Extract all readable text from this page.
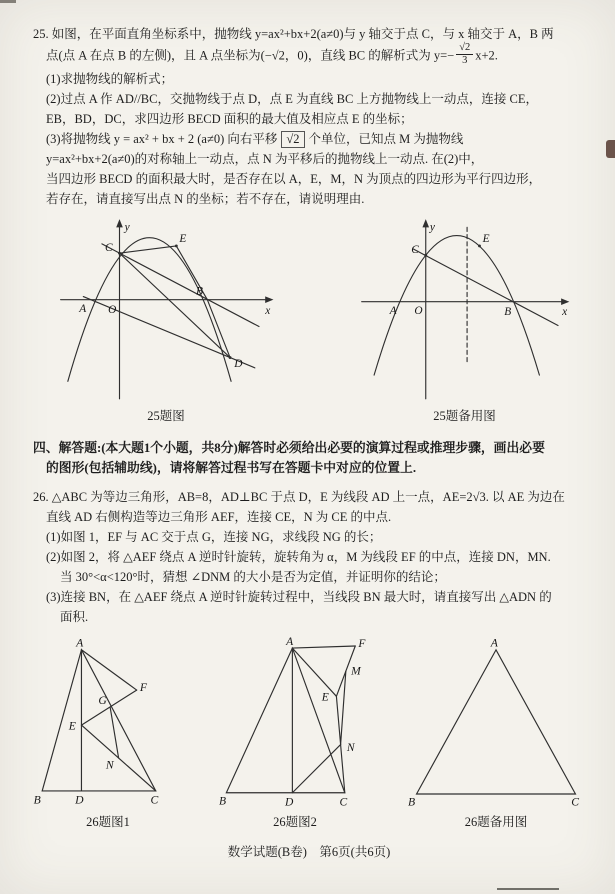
25. 如图，在平面直角坐标系中，抛物线 y=ax²+bx+2(a≠0)与 y 轴交于点 C，与 x 轴交于 A，B 两
点(点 A 在点 B 的左侧)，且 A 点坐标为(−√2，0)，直线 BC 的解析式为 $y=- \frac{√2}{3} x+2$.
(1)求抛物线的解析式；
(2)过点 A 作 AD//BC，交抛物线于点 D，点 E 为直线 BC 上方抛物线上一动点，连接 CE，
EB，BD，DC，求四边形 BECD 面积的最大值及相应点 E 的坐标；
(3)将抛物线 y = ax² + bx + 2 (a≠0) 向右平移 √2 个单位，已知点 M 为抛物线
y=ax²+bx+2(a≠0)的对称轴上一动点，点 N 为平移后的抛物线上一动点. 在(2)中，
当四边形 BECD 的面积最大时，是否存在以 A，E，M，N 为顶点的四边形为平行四边形，
若存在，请直接写出点 N 的坐标；若不存在，请说明理由.
y
x
O
A
B
C
E
D
25题图
y
x
O
A	B
C
E
25题备用图
四、解答题:(本大题1个小题，共8分)解答时必须给出必要的演算过程或推理步骤，画出必要
的图形(包括辅助线)，请将解答过程书写在答题卡中对应的位置上.
26. △ABC 为等边三角形，AB=8，AD⊥BC 于点 D，E 为线段 AD 上一点，AE=2√3. 以 AE 为边在
直线 AD 右侧构造等边三角形 AEF，连接 CE，N 为 CE 的中点.
(1)如图 1，EF 与 AC 交于点 G，连接 NG，求线段 NG 的长；
(2)如图 2，将 △AEF 绕点 A 逆时针旋转，旋转角为 α，M 为线段 EF 的中点，连接 DN，MN.
当 30°<α<120°时，猜想 ∠DNM 的大小是否为定值，并证明你的结论；
(3)连接 BN，在 △AEF 绕点 A 逆时针旋转过程中，当线段 BN 最大时，请直接写出 △ADN 的
面积.
A
B	C
D
E
F
G
N
26题图1
A	F
M
E
N
B	D	C
26题图2
A
B	C
26题备用图
数学试题(B卷)　第6页(共6页)
